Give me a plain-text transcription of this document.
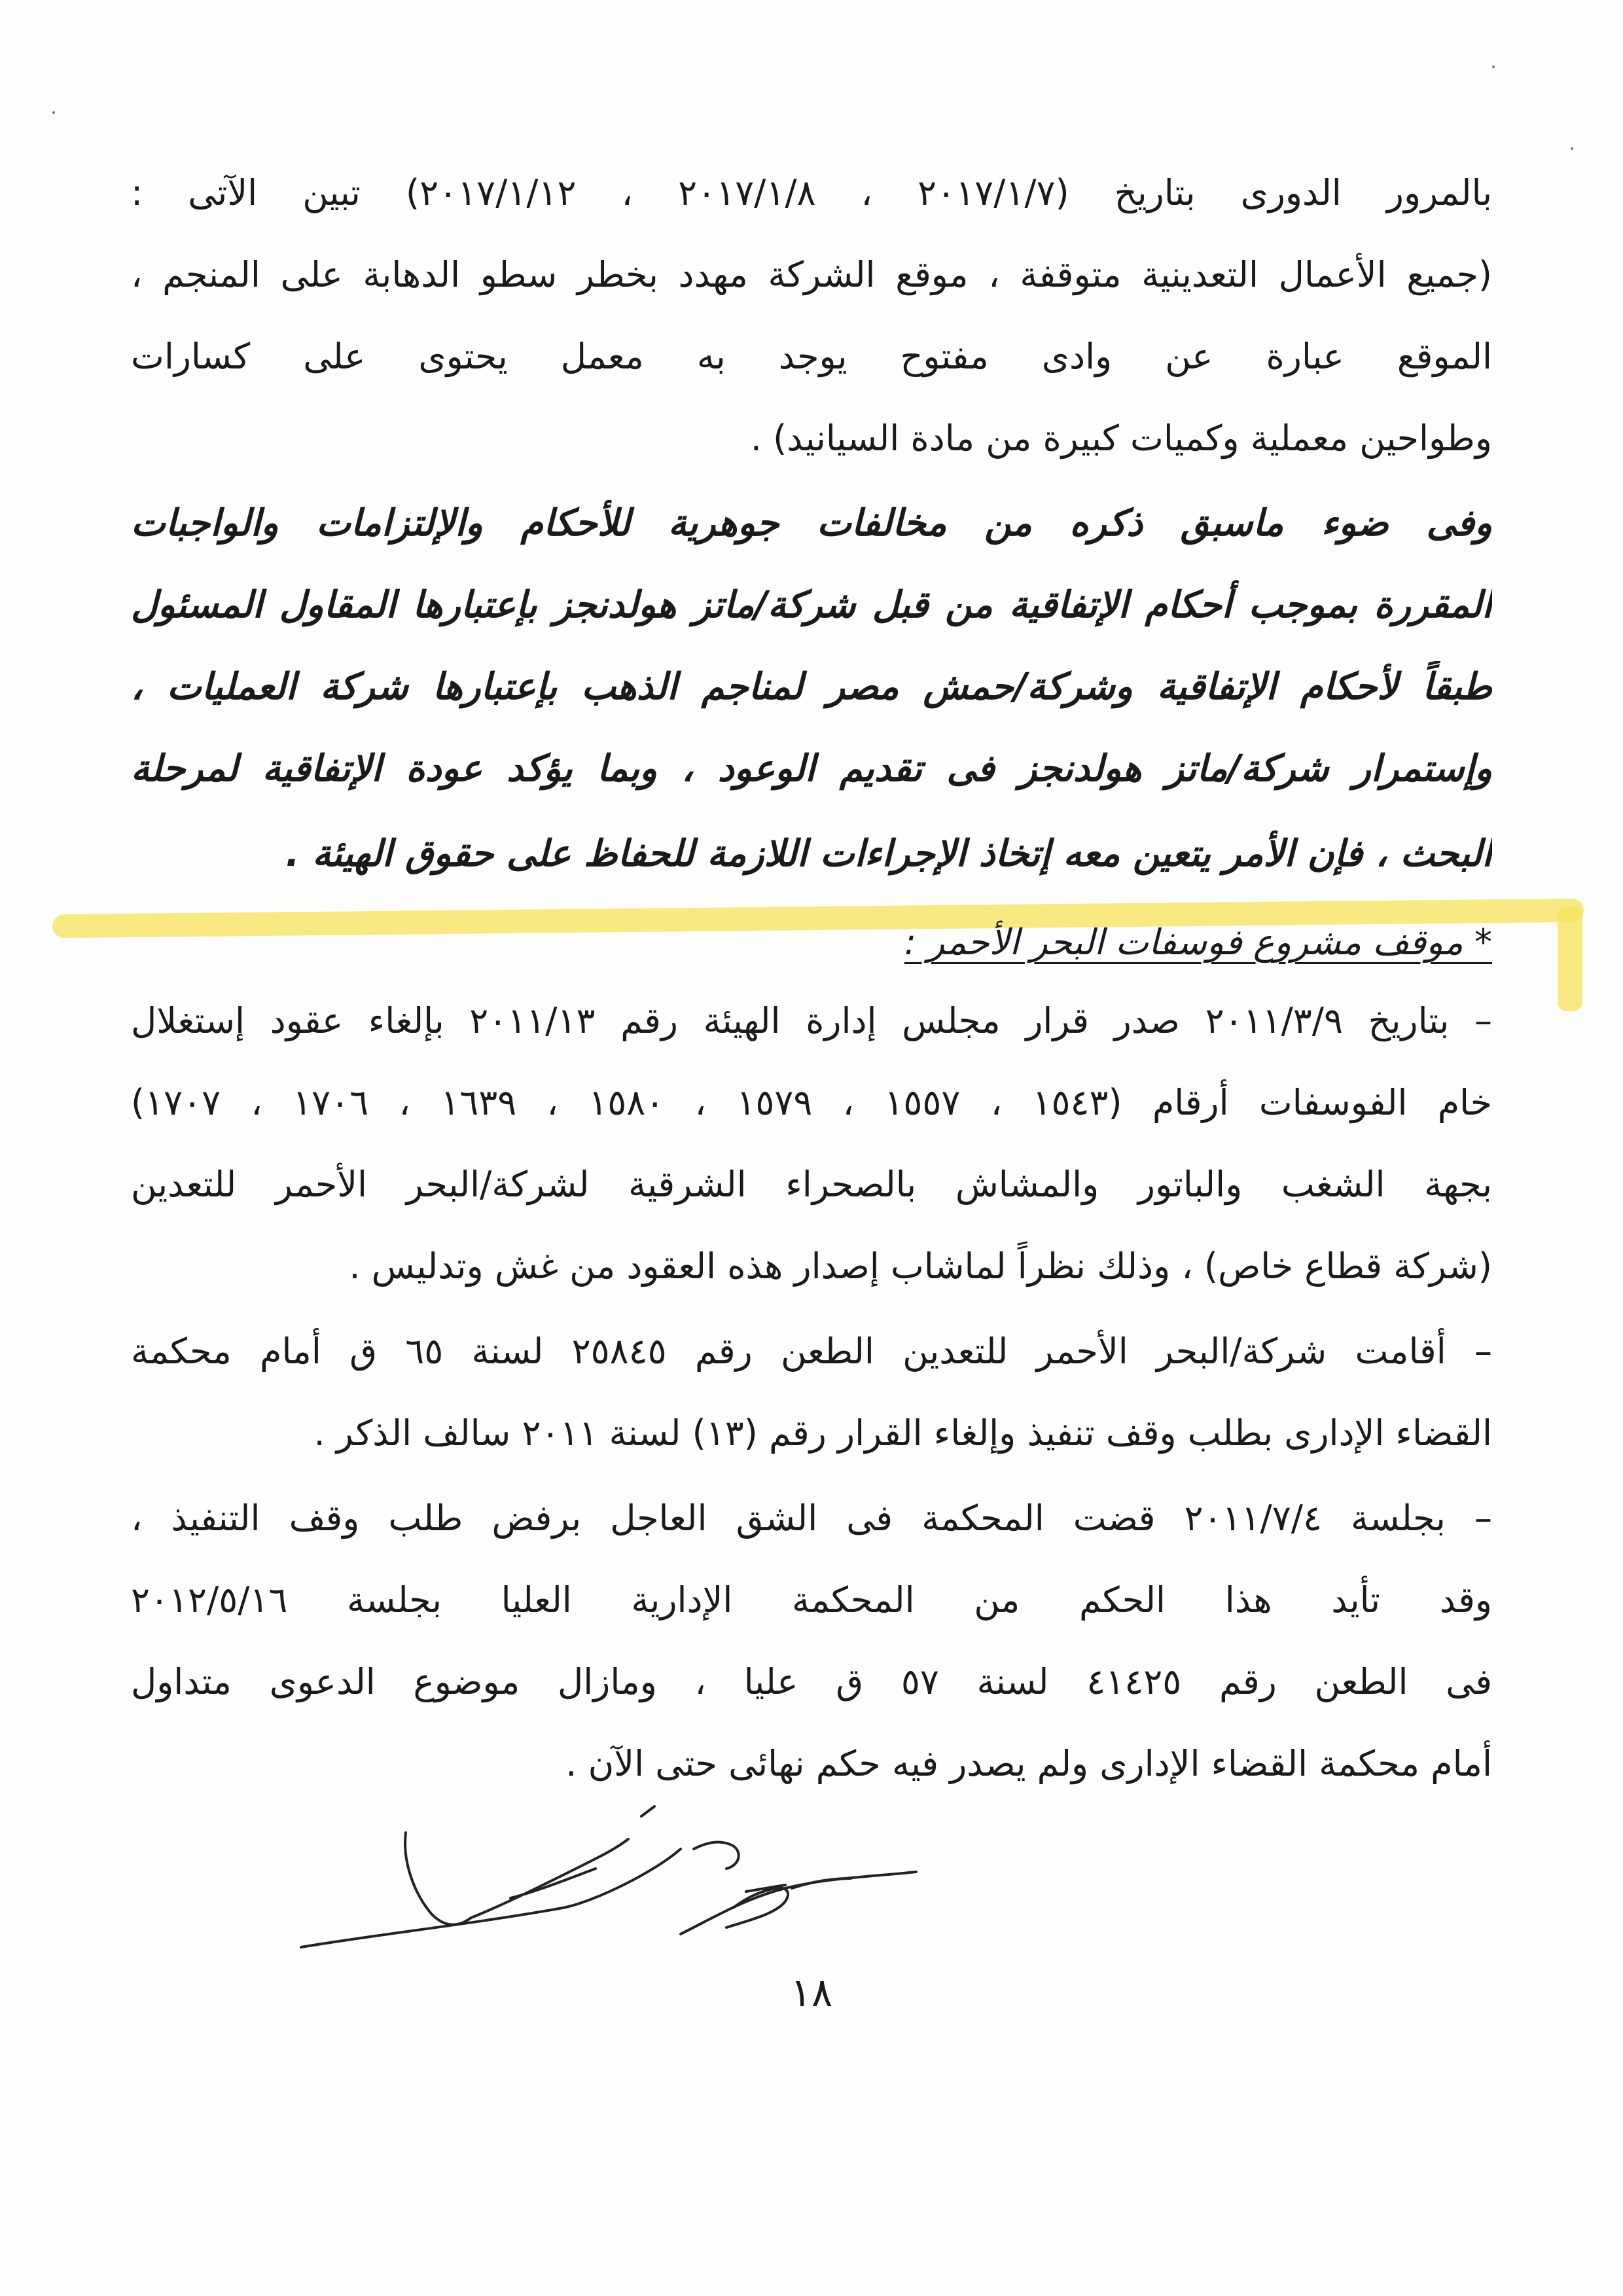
بالمرور الدورى بتاريخ (٢٠١٧/١/٧ ، ٢٠١٧/١/٨ ، ٢٠١٧/١/١٢) تبين الآتى :
(جميع الأعمال التعدينية متوقفة ، موقع الشركة مهدد بخطر سطو الدهابة على المنجم ،
الموقع عبارة عن وادى مفتوح يوجد به معمل يحتوى على كسارات
وطواحين معملية وكميات كبيرة من مادة السيانيد) .
وفى ضوء ماسبق ذكره من مخالفات جوهرية للأحكام والإلتزامات والواجبات
المقررة بموجب أحكام الإتفاقية من قبل شركة/ماتز هولدنجز بإعتبارها المقاول المسئول
طبقاً لأحكام الإتفاقية وشركة/حمش مصر لمناجم الذهب بإعتبارها شركة العمليات ،
وإستمرار شركة/ماتز هولدنجز فى تقديم الوعود ، وبما يؤكد عودة الإتفاقية لمرحلة
البحث ، فإن الأمر يتعين معه إتخاذ الإجراءات اللازمة للحفاظ على حقوق الهيئة .
* موقف مشروع فوسفات البحر الأحمر :
– بتاريخ ٢٠١١/٣/٩ صدر قرار مجلس إدارة الهيئة رقم ٢٠١١/١٣ بإلغاء عقود إستغلال
خام الفوسفات أرقام (١٥٤٣ ، ١٥٥٧ ، ١٥٧٩ ، ١٥٨٠ ، ١٦٣٩ ، ١٧٠٦ ، ١٧٠٧)
بجهة الشغب والباتور والمشاش بالصحراء الشرقية لشركة/البحر الأحمر للتعدين
(شركة قطاع خاص) ، وذلك نظراً لماشاب إصدار هذه العقود من غش وتدليس .
– أقامت شركة/البحر الأحمر للتعدين الطعن رقم ٢٥٨٤٥ لسنة ٦٥ ق أمام محكمة
القضاء الإدارى بطلب وقف تنفيذ وإلغاء القرار رقم (١٣) لسنة ٢٠١١ سالف الذكر .
– بجلسة ٢٠١١/٧/٤ قضت المحكمة فى الشق العاجل برفض طلب وقف التنفيذ ،
وقد تأيد هذا الحكم من المحكمة الإدارية العليا بجلسة ٢٠١٢/٥/١٦
فى الطعن رقم ٤١٤٢٥ لسنة ٥٧ ق عليا ، ومازال موضوع الدعوى متداول
أمام محكمة القضاء الإدارى ولم يصدر فيه حكم نهائى حتى الآن .
١٨
